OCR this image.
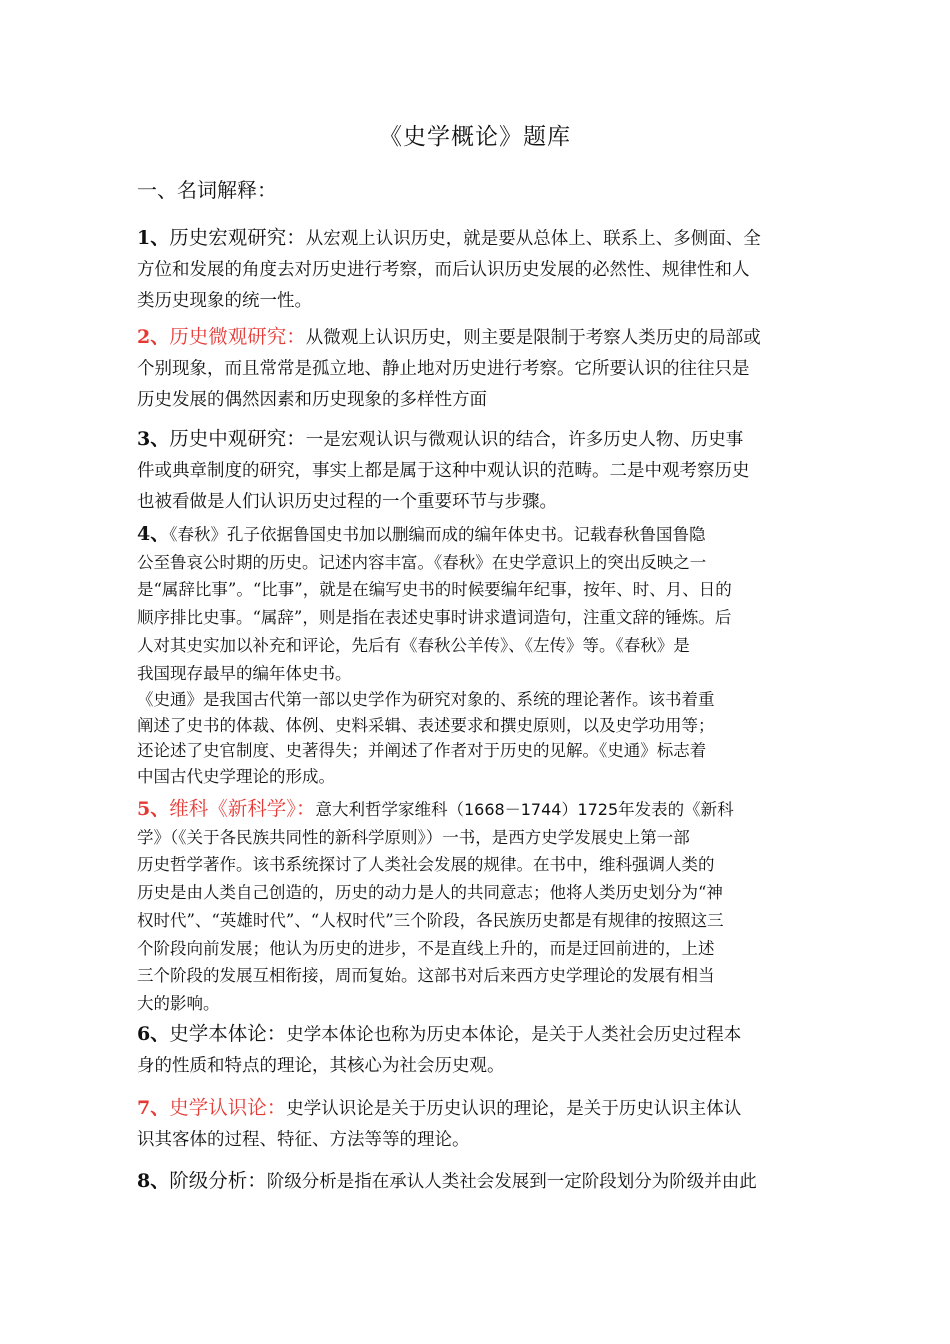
《史学概论》题库
一、名词解释：
1、历史宏观研究：从宏观上认识历史，就是要从总体上、联系上、多侧面、全
方位和发展的角度去对历史进行考察，而后认识历史发展的必然性、规律性和人
类历史现象的统一性。
2、历史微观研究：从微观上认识历史，则主要是限制于考察人类历史的局部或
个别现象，而且常常是孤立地、静止地对历史进行考察。它所要认识的往往只是
历史发展的偶然因素和历史现象的多样性方面
3、历史中观研究：一是宏观认识与微观认识的结合，许多历史人物、历史事
件或典章制度的研究，事实上都是属于这种中观认识的范畴。二是中观考察历史
也被看做是人们认识历史过程的一个重要环节与步骤。
4、《春秋》孔子依据鲁国史书加以删编而成的编年体史书。记载春秋鲁国鲁隐
公至鲁哀公时期的历史。记述内容丰富。《春秋》在史学意识上的突出反映之一
是“属辞比事”。“比事”，就是在编写史书的时候要编年纪事，按年、时、月、日的
顺序排比史事。“属辞”，则是指在表述史事时讲求遣词造句，注重文辞的锤炼。后
人对其史实加以补充和评论，先后有《春秋公羊传》、《左传》等。《春秋》是
我国现存最早的编年体史书。
《史通》是我国古代第一部以史学作为研究对象的、系统的理论著作。该书着重
阐述了史书的体裁、体例、史料采辑、表述要求和撰史原则，以及史学功用等；
还论述了史官制度、史著得失；并阐述了作者对于历史的见解。《史通》标志着
中国古代史学理论的形成。
5、维科《新科学》：意大利哲学家维科（1668－1744）1725年发表的《新科
学》（《关于各民族共同性的新科学原则》）一书，是西方史学发展史上第一部
历史哲学著作。该书系统探讨了人类社会发展的规律。在书中，维科强调人类的
历史是由人类自己创造的，历史的动力是人的共同意志；他将人类历史划分为“神
权时代”、“英雄时代”、“人权时代”三个阶段，各民族历史都是有规律的按照这三
个阶段向前发展；他认为历史的进步，不是直线上升的，而是迂回前进的，上述
三个阶段的发展互相衔接，周而复始。这部书对后来西方史学理论的发展有相当
大的影响。
6、史学本体论：史学本体论也称为历史本体论，是关于人类社会历史过程本
身的性质和特点的理论，其核心为社会历史观。
7、史学认识论：史学认识论是关于历史认识的理论，是关于历史认识主体认
识其客体的过程、特征、方法等等的理论。
8、阶级分析：阶级分析是指在承认人类社会发展到一定阶段划分为阶级并由此
